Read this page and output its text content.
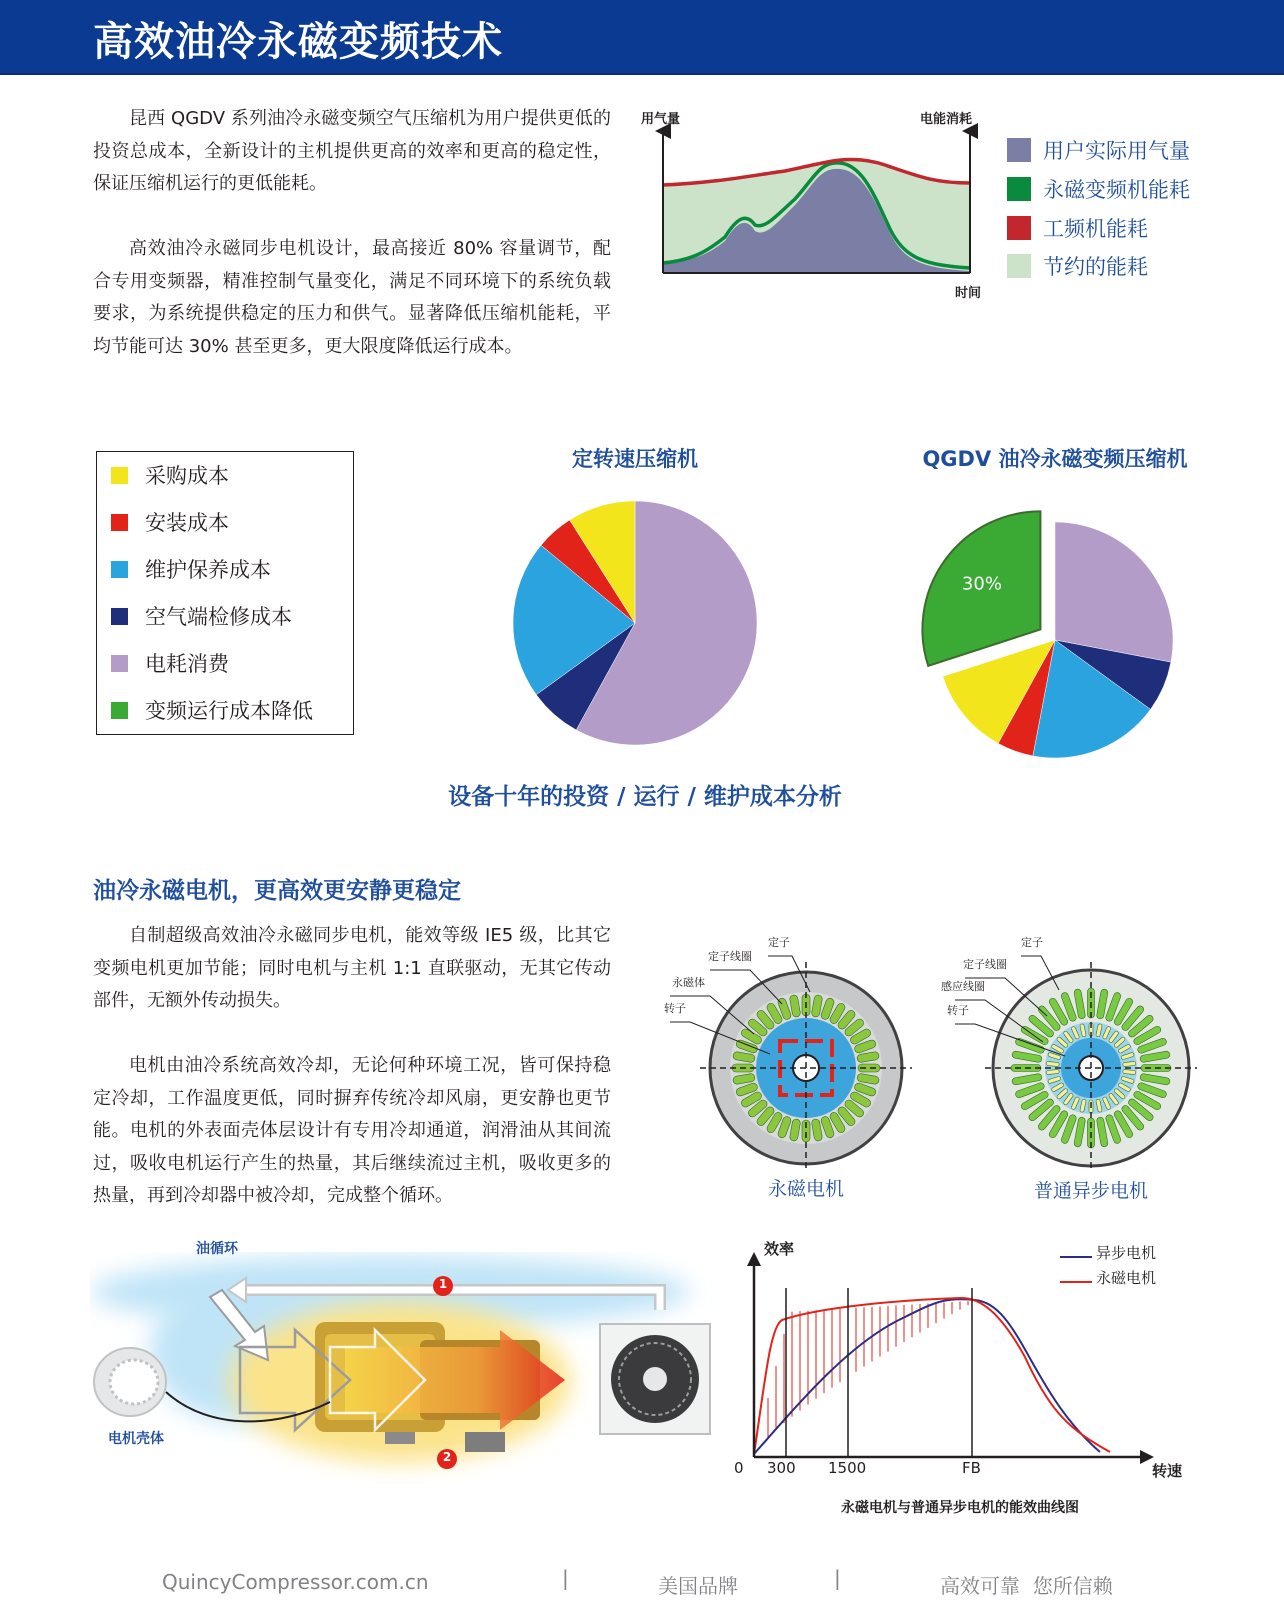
高效油冷永磁变频技术
昆西 QGDV 系列油冷永磁变频空气压缩机为用户提供更低的投资总成本，全新设计的主机提供更高的效率和更高的稳定性，保证压缩机运行的更低能耗。
高效油冷永磁同步电机设计，最高接近 80% 容量调节，配合专用变频器，精准控制气量变化，满足不同环境下的系统负载要求，为系统提供稳定的压力和供气。显著降低压缩机能耗，平均节能可达 30% 甚至更多，更大限度降低运行成本。
用气量	电能消耗
时间
用户实际用气量
永磁变频机能耗
工频机能耗
节约的能耗
采购成本
安装成本
维护保养成本
空气端检修成本
电耗消费
变频运行成本降低
定转速压缩机	QGDV 油冷永磁变频压缩机
30%
设备十年的投资 / 运行 / 维护成本分析
油冷永磁电机，更高效更安静更稳定
自制超级高效油冷永磁同步电机，能效等级 IE5 级，比其它变频电机更加节能；同时电机与主机 1:1 直联驱动，无其它传动部件，无额外传动损失。
电机由油冷系统高效冷却，无论何种环境工况，皆可保持稳定冷却，工作温度更低，同时摒弃传统冷却风扇，更安静也更节能。电机的外表面壳体层设计有专用冷却通道，润滑油从其间流过，吸收电机运行产生的热量，其后继续流过主机，吸收更多的热量，再到冷却器中被冷却，完成整个循环。
定子
定子线圈
永磁体
转子
永磁电机
定子
定子线圈
感应线圈
转子
普通异步电机
油循环
电机壳体
1
2
效率	异步电机
永磁电机
0 300 1500	FB	转速
永磁电机与普通异步电机的能效曲线图
QuincyCompressor.com.cn	|	美国品牌	|	高效可靠  您所信赖
